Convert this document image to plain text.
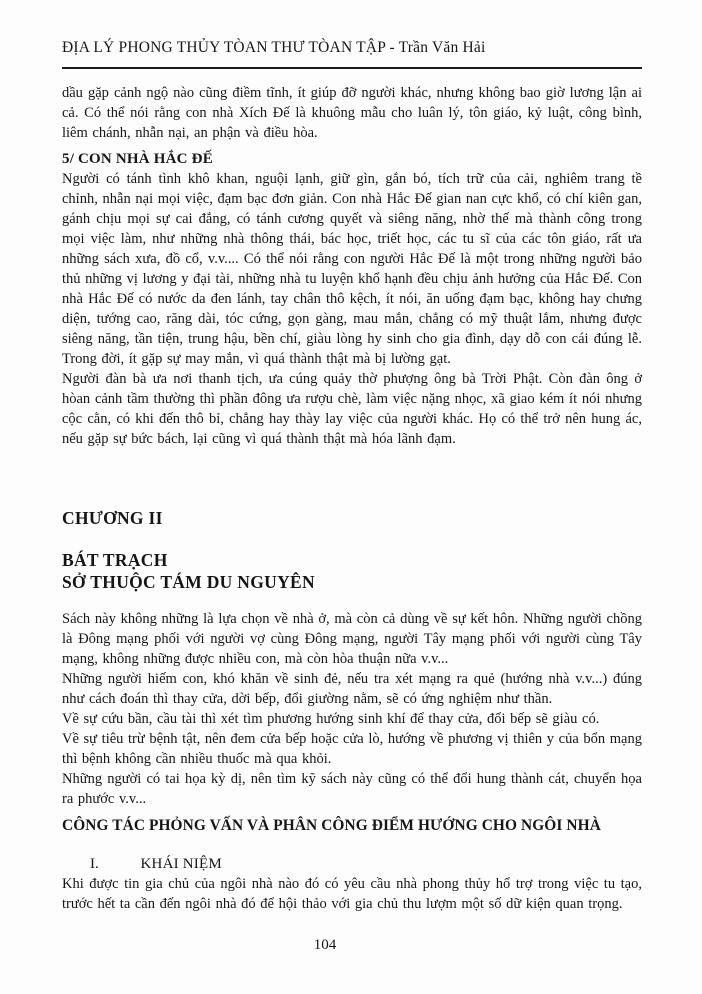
ĐỊA LÝ PHONG THỦY TÒAN THƯ TÒAN TẬP - Trần Văn Hải

dầu gặp cảnh ngộ nào cũng điềm tĩnh, ít giúp đỡ người khác, nhưng không bao giờ lương lận ai cả. Có thể nói rằng con nhà Xích Đế là khuông mẫu cho luân lý, tôn giáo, kỷ luật, công bình, liêm chánh, nhẫn nại, an phận và điều hòa.

5/ CON NHÀ HẮC ĐẾ

Người có tánh tình khô khan, nguội lạnh, giữ gìn, gắn bó, tích trữ của cải, nghiêm trang tề chỉnh, nhẫn nại mọi việc, đạm bạc đơn giản. Con nhà Hắc Đế gian nan cực khổ, có chí kiên gan, gánh chịu mọi sự cai đắng, có tánh cương quyết và siêng năng, nhờ thế mà thành công trong mọi việc làm, như những nhà thông thái, bác học, triết học, các tu sĩ của các tôn giáo, rất ưa những sách xưa, đồ cổ, v.v.... Có thể nói rằng con người Hắc Đế là một trong những người bảo thủ những vị lương y đại tài, những nhà tu luyện khổ hạnh đều chịu ảnh hưởng của Hắc Đế. Con nhà Hắc Đế có nước da đen lánh, tay chân thô kệch, ít nói, ăn uống đạm bạc, không hay chưng diện, tướng cao, răng dài, tóc cứng, gọn gàng, mau mắn, chẳng có mỹ thuật lắm, nhưng được siêng năng, tần tiện, trung hậu, bền chí, giàu lòng hy sinh cho gia đình, dạy dỗ con cái đúng lễ. Trong đời, ít gặp sự may mắn, vì quá thành thật mà bị lường gạt.

Người đàn bà ưa nơi thanh tịch, ưa cúng quảy thờ phượng ông bà Trời Phật. Còn đàn ông ở hòan cảnh tầm thường thì phần đông ưa rượu chè, làm việc nặng nhọc, xã giao kém ít nói nhưng cộc cằn, có khi đến thô bỉ, chẳng hay thày lay việc của người khác. Họ có thể trở nên hung ác, nếu gặp sự bức bách, lại cũng vì quá thành thật mà hóa lãnh đạm.

CHƯƠNG II
BÁT TRẠCH
SỞ THUỘC TÁM DU NGUYÊN

Sách này không những là lựa chọn về nhà ở, mà còn cả dùng về sự kết hôn. Những người chồng là Đông mạng phối với người vợ cùng Đông mạng, người Tây mạng phối với người cùng Tây mạng, không những được nhiều con, mà còn hòa thuận nữa v.v...

Những người hiếm con, khó khăn về sinh đẻ, nếu tra xét mạng ra quẻ (hướng nhà v.v...) đúng như cách đoán thì thay cửa, dời bếp, đổi giường nằm, sẽ có ứng nghiệm như thần.

Về sự cứu bần, cầu tài thì xét tìm phương hướng sinh khí để thay cửa, đổi bếp sẽ giàu có.

Về sự tiêu trừ bệnh tật, nên đem cửa bếp hoặc cửa lò, hướng về phương vị thiên y của bổn mạng thì bệnh không cần nhiều thuốc mà qua khỏi.

Những người có tai họa kỳ dị, nên tìm kỹ sách này cũng có thể đổi hung thành cát, chuyển họa ra phước v.v...

CÔNG TÁC PHỎNG VẤN VÀ PHÂN CÔNG ĐIỂM HƯỚNG CHO NGÔI NHÀ
I.	KHÁI NIỆM

Khi được tin gia chủ của ngôi nhà nào đó có yêu cầu nhà phong thủy hổ trợ trong việc tu tạo, trước hết ta cần đến ngôi nhà đó để hội thảo với gia chủ thu lượm một số dữ kiện quan trọng.

104
